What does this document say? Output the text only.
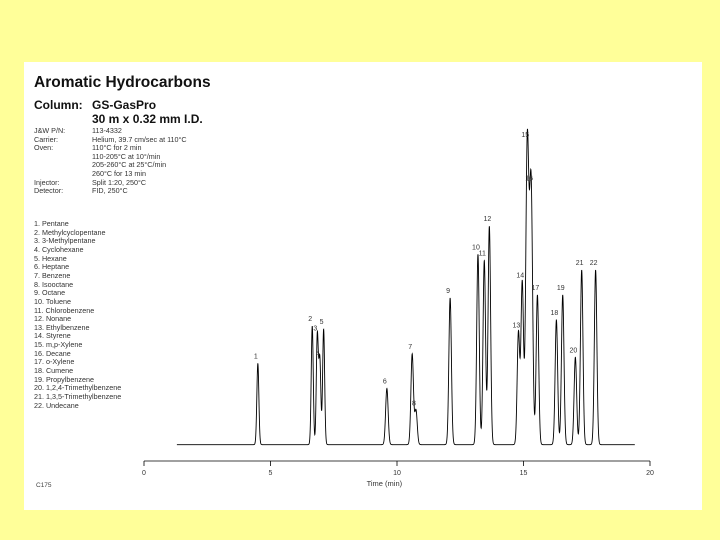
Aromatic Hydrocarbons
Column: GS-GasPro
30 m x 0.32 mm I.D.
J&W P/N:	113-4332
Carrier:	Helium, 39.7 cm/sec at 110°C
Oven:	110°C for 2 min
110-205°C at 10°/min
205-260°C at 25°C/min
260°C for 13 min
Injector:	Split 1:20, 250°C
Detector:	FID, 250°C
1. Pentane
2. Methylcyclopentane
3. 3-Methylpentane
4. Cyclohexane
5. Hexane
6. Heptane
7. Benzene
8. Isooctane
9. Octane
10. Toluene
11. Chlorobenzene
12. Nonane
13. Ethylbenzene
14. Styrene
15. m,p-Xylene
16. Decane
17. o-Xylene
18. Cumene
19. Propylbenzene
20. 1,2,4-Trimethylbenzene
21. 1,3,5-Trimethylbenzene
22. Undecane
C175
0	5	10	15	20
Time (min)
1
2
3
4
5
6
7
8
9
10
11
12
13
14
15
16
17
18
19
20
21 22
